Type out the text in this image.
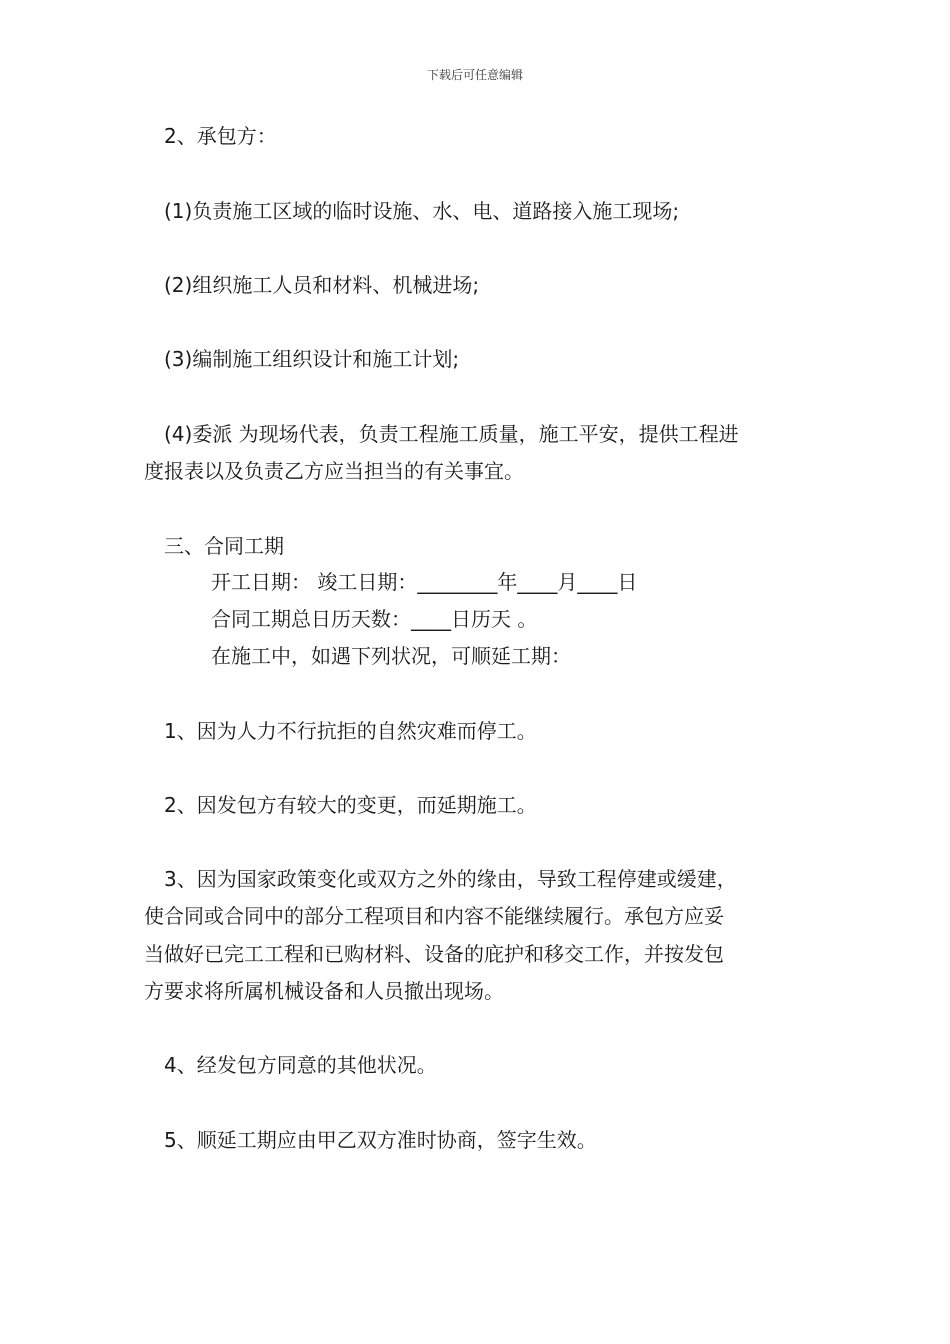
下载后可任意编辑
2、承包方：
(1)负责施工区域的临时设施、水、电、道路接入施工现场;
(2)组织施工人员和材料、机械进场;
(3)编制施工组织设计和施工计划;
(4)委派 为现场代表，负责工程施工质量，施工平安，提供工程进
度报表以及负责乙方应当担当的有关事宜。
三、合同工期
开工日期： 竣工日期：________年____月____日
合同工期总日历天数：____日历天 。
在施工中，如遇下列状况，可顺延工期：
1、因为人力不行抗拒的自然灾难而停工。
2、因发包方有较大的变更，而延期施工。
3、因为国家政策变化或双方之外的缘由，导致工程停建或缓建，
使合同或合同中的部分工程项目和内容不能继续履行。承包方应妥
当做好已完工工程和已购材料、设备的庇护和移交工作，并按发包
方要求将所属机械设备和人员撤出现场。
4、经发包方同意的其他状况。
5、顺延工期应由甲乙双方准时协商，签字生效。
